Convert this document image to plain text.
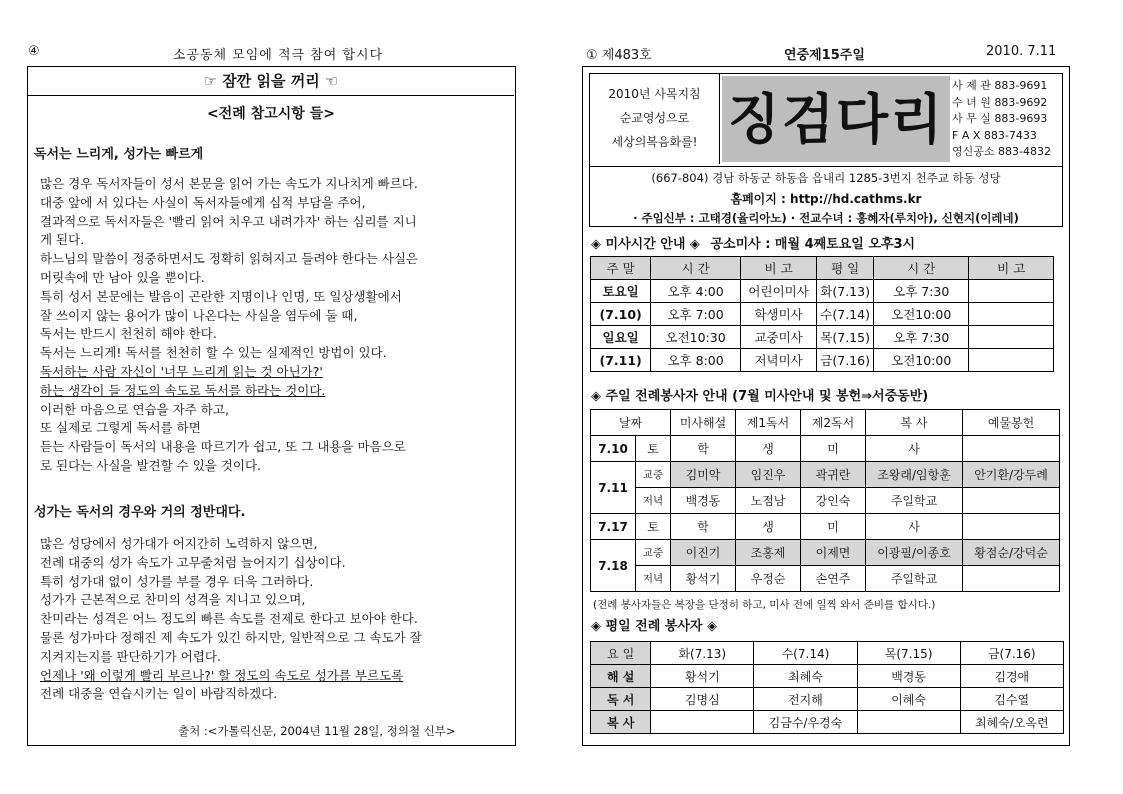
④	소공동체 모임에 적극 참여 합시다
☞ 잠깐 읽을 꺼리 ☜
<전례 참고시항 들>
독서는 느리게, 성가는 빠르게

많은 경우 독서자들이 성서 본문을 읽어 가는 속도가 지나치게 빠르다.

대중 앞에 서 있다는 사실이 독서자들에게 심적 부담을 주어,

결과적으로 독서자들은 '빨리 읽어 치우고 내려가자' 하는 심리를 지니

게 된다.

하느님의 말씀이 정중하면서도 정확히 읽혀지고 들려야 한다는 사실은

머릿속에 만 남아 있을 뿐이다.

특히 성서 본문에는 발음이 곤란한 지명이나 인명, 또 일상생활에서

잘 쓰이지 않는 용어가 많이 나온다는 사실을 염두에 둘 때,

독서는 반드시 천천히 해야 한다.

독서는 느리게! 독서를 천천히 할 수 있는 실제적인 방법이 있다.

독서하는 사람 자신이 '너무 느리게 읽는 것 아닌가?'

하는 생각이 들 정도의 속도로 독서를 하라는 것이다.

이러한 마음으로 연습을 자주 하고,

또 실제로 그렇게 독서를 하면

듣는 사람들이 독서의 내용을 따르기가 쉽고, 또 그 내용을 마음으로

로 된다는 사실을 발견할 수 있을 것이다.

성가는 독서의 경우와 거의 정반대다.

많은 성당에서 성가대가 어지간히 노력하지 않으면,

전례 대중의 성가 속도가 고무줄처럼 늘어지기 십상이다.

특히 성가대 없이 성가를 부를 경우 더욱 그러하다.

성가가 근본적으로 찬미의 성격을 지니고 있으며,

찬미라는 성격은 어느 정도의 빠른 속도를 전제로 한다고 보아야 한다.

물론 성가마다 정해진 제 속도가 있긴 하지만, 일반적으로 그 속도가 잘

지켜지는지를 판단하기가 어렵다.

언제나 '왜 이렇게 빨리 부르나?' 할 정도의 속도로 성가를 부르도록

전례 대중을 연습시키는 일이 바람직하겠다.

출처 :<가톨릭신문, 2004년 11월 28일, 정의철 신부>
① 제483호	연중제15주일	2010. 7.11
2010년 사목지침
순교영성으로
세상의복음화를! 징검다리
사 제 관 883-9691
수 녀 원 883-9692
사 무 실 883-9693
F A X 883-7433
영신공소 883-4832
(667-804) 경남 하동군 하동읍 읍내리 1285-3번지 천주교 하동 성당
홈페이지 : http://hd.cathms.kr
· 주임신부 : 고태경(율리아노) · 전교수녀 : 홍혜자(루치아), 신현지(이레네)
◈ 미사시간 안내 ◈ 공소미사 : 매월 4째토요일 오후3시
주 말	시 간	비 고	평 일	시 간	비 고
토요일	오후 4:00	어린이미사	화(7.13)	오후 7:30	
(7.10)	오후 7:00	학생미사	수(7.14)	오전10:00	
일요일	오전10:30	교중미사	목(7.15)	오후 7:30	
(7.11)	오후 8:00	저녁미사	금(7.16)	오전10:00	
◈ 주일 전례봉사자 안내 (7월 미사안내 및 봉헌⇒서중동반)
날짜		미사해설	제1독서	제2독서	복 사	예물봉헌
7.10	토	학	생	미	사	
7.11	교중	김미악	임진우	곽귀란	조왕래/임항훈	안기환/강두례
	저녁	백경동	노점남	강인숙	주일학교	
7.17	토	학	생	미	사	
7.18	교중	이진기	조홍제	이제면	이광필/이종호	황점순/강덕순
	저녁	황석기	우정순	손연주	주일학교	
(전례 봉사자들은 복장을 단정히 하고, 미사 전에 일찍 와서 준비를 합시다.)
◈ 평일 전례 봉사자 ◈
요 일	화(7.13)	수(7.14)	목(7.15)	금(7.16)
해 설	황석기	최혜숙	백경동	김경애
독 서	김명심	전지해	이혜숙	김수열
복 사		김금수/우경숙		최혜숙/오옥련
